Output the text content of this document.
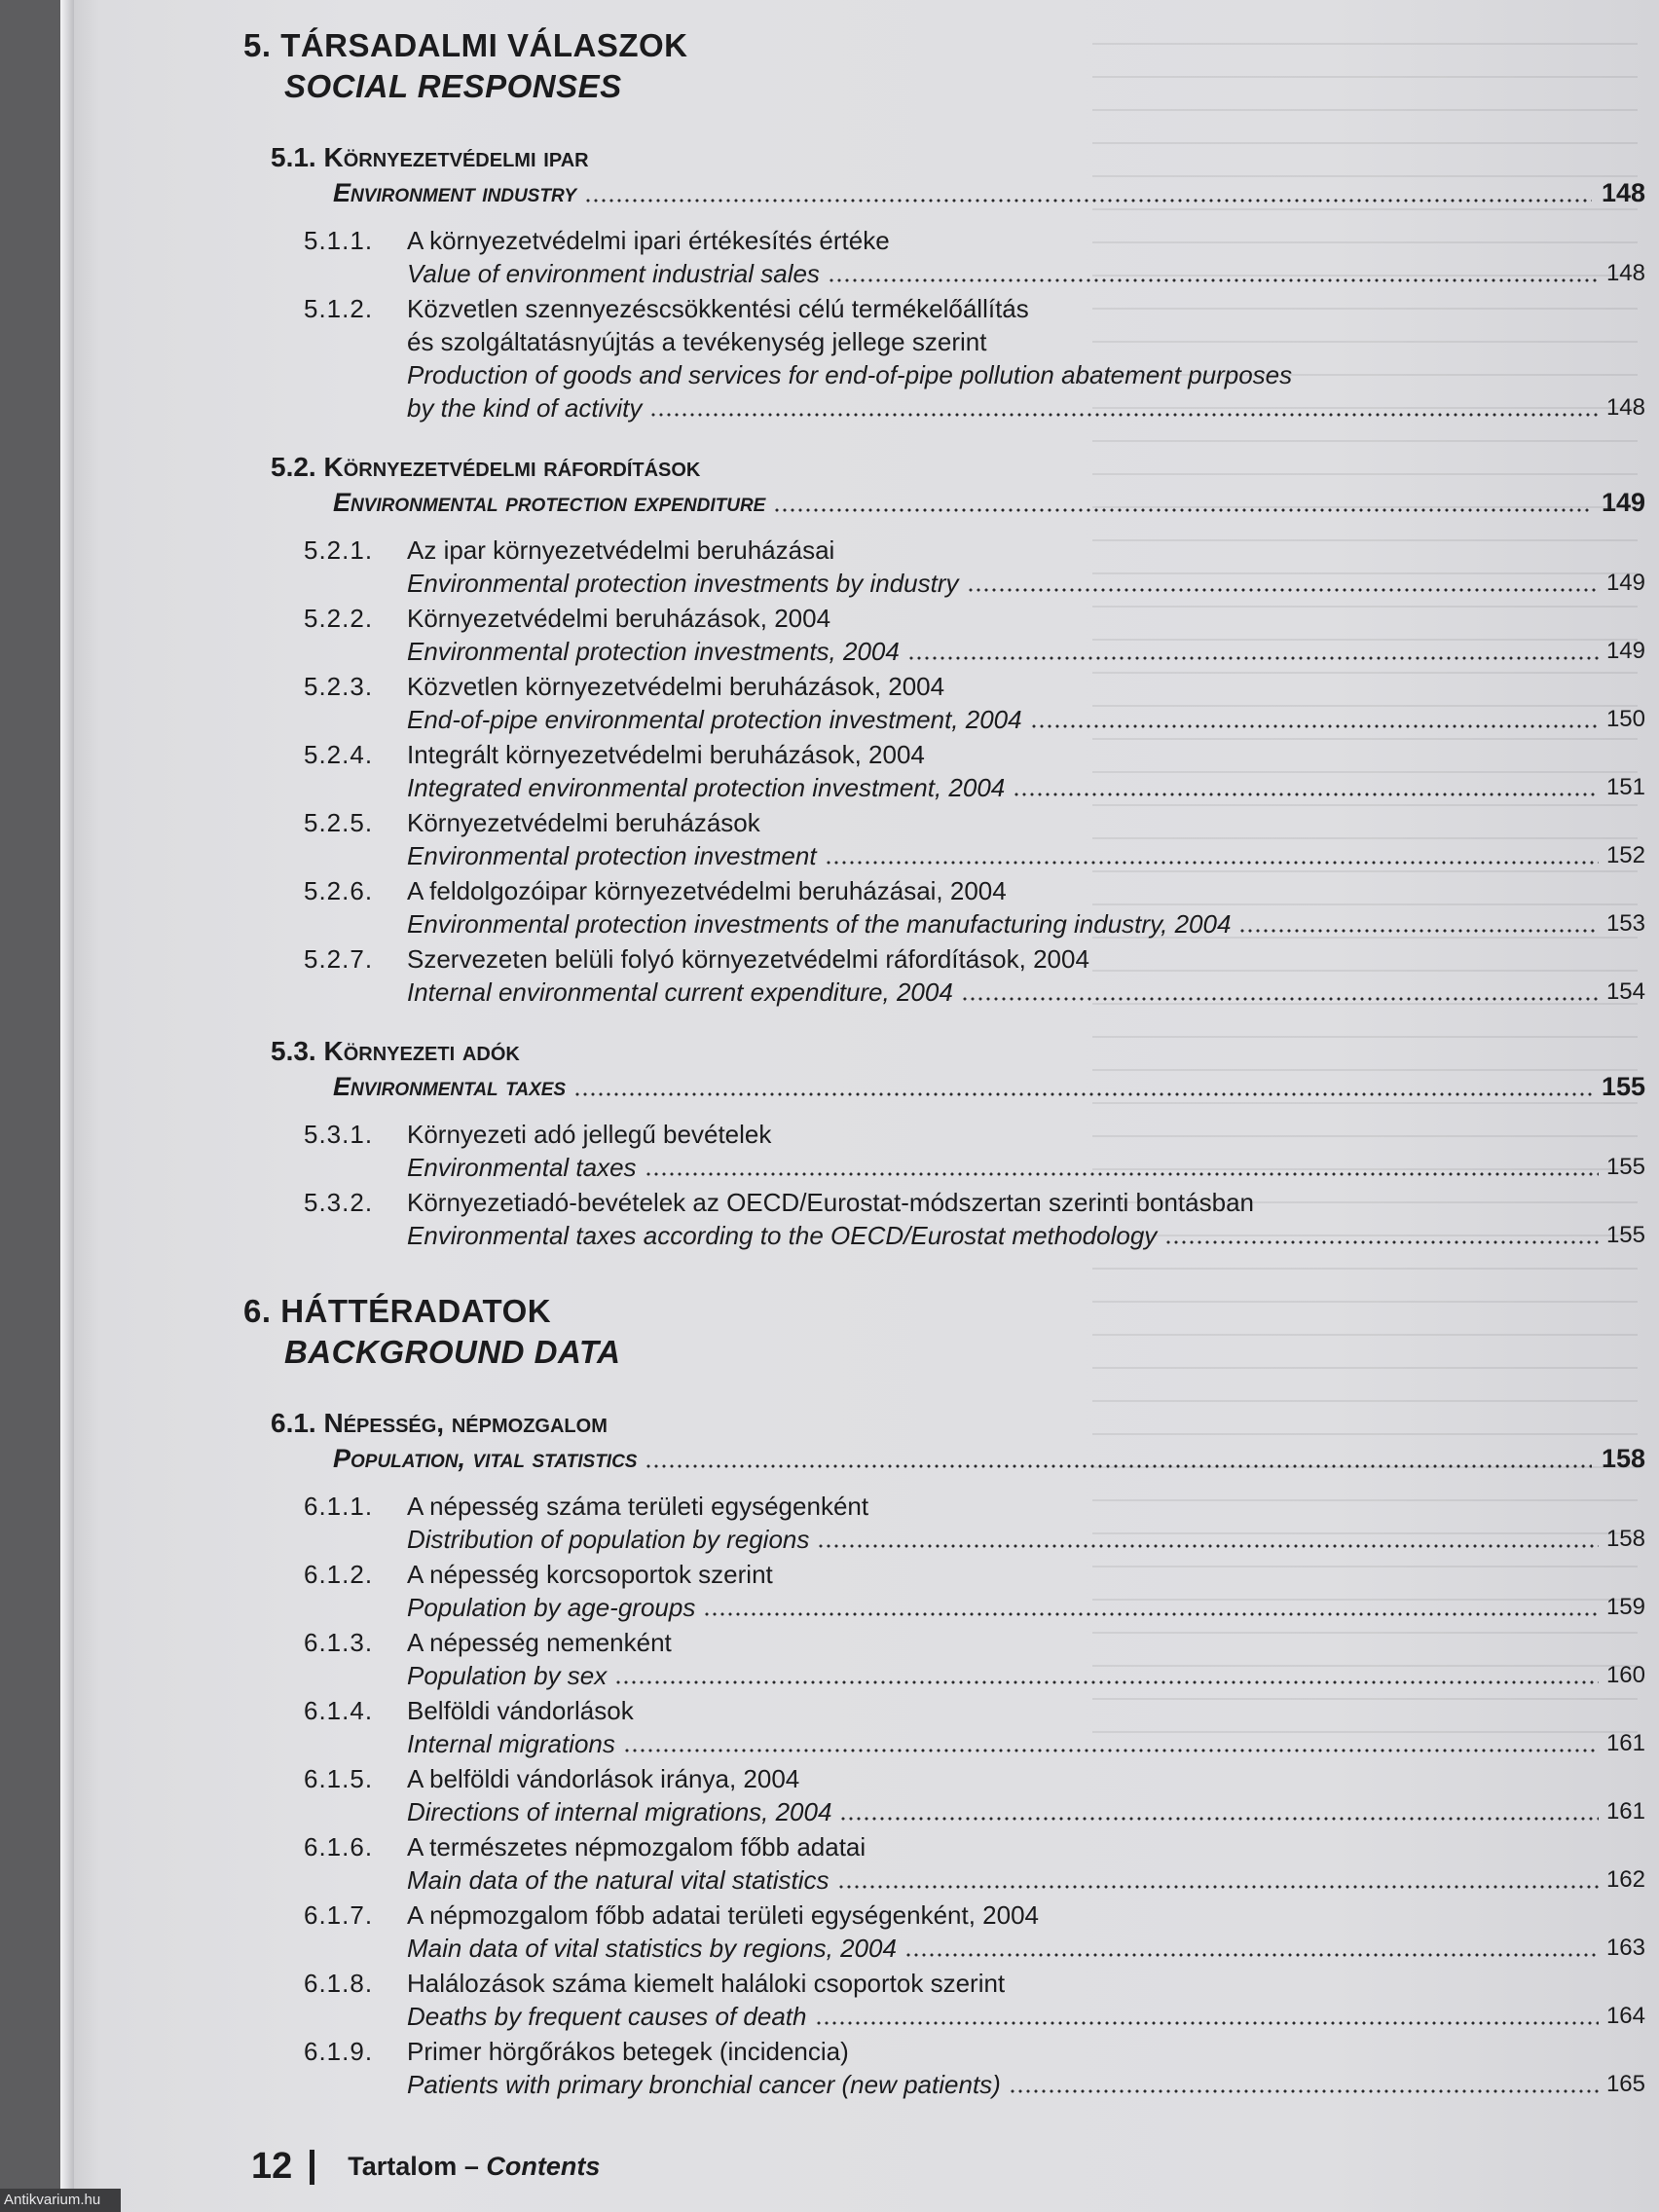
5. TÁRSADALMI VÁLASZOK
SOCIAL RESPONSES
5.1. Környezetvédelmi ipar
Environment industry	148
5.1.1.	A környezetvédelmi ipari értékesítés értéke
Value of environment industrial sales	148
5.1.2.	Közvetlen szennyezéscsökkentési célú termékelőállítás
és szolgáltatásnyújtás a tevékenység jellege szerint
Production of goods and services for end-of-pipe pollution abatement purposes
by the kind of activity	148
5.2. Környezetvédelmi ráfordítások
Environmental protection expenditure	149
5.2.1.	Az ipar környezetvédelmi beruházásai
Environmental protection investments by industry	149
5.2.2.	Környezetvédelmi beruházások, 2004
Environmental protection investments, 2004	149
5.2.3.	Közvetlen környezetvédelmi beruházások, 2004
End-of-pipe environmental protection investment, 2004	150
5.2.4.	Integrált környezetvédelmi beruházások, 2004
Integrated environmental protection investment, 2004	151
5.2.5.	Környezetvédelmi beruházások
Environmental protection investment	152
5.2.6.	A feldolgozóipar környezetvédelmi beruházásai, 2004
Environmental protection investments of the manufacturing industry, 2004	153
5.2.7.	Szervezeten belüli folyó környezetvédelmi ráfordítások, 2004
Internal environmental current expenditure, 2004	154
5.3. Környezeti adók
Environmental taxes	155
5.3.1.	Környezeti adó jellegű bevételek
Environmental taxes	155
5.3.2.	Környezetiadó-bevételek az OECD/Eurostat-módszertan szerinti bontásban
Environmental taxes according to the OECD/Eurostat methodology	155
6. HÁTTÉRADATOK
BACKGROUND DATA
6.1. Népesség, népmozgalom
Population, vital statistics	158
6.1.1.	A népesség száma területi egységenként
Distribution of population by regions	158
6.1.2.	A népesség korcsoportok szerint
Population by age-groups	159
6.1.3.	A népesség nemenként
Population by sex	160
6.1.4.	Belföldi vándorlások
Internal migrations	161
6.1.5.	A belföldi vándorlások iránya, 2004
Directions of internal migrations, 2004	161
6.1.6.	A természetes népmozgalom főbb adatai
Main data of the natural vital statistics	162
6.1.7.	A népmozgalom főbb adatai területi egységenként, 2004
Main data of vital statistics by regions, 2004	163
6.1.8.	Halálozások száma kiemelt haláloki csoportok szerint
Deaths by frequent causes of death	164
6.1.9.	Primer hörgőrákos betegek (incidencia)
Patients with primary bronchial cancer (new patients)	165
12 Tartalom – Contents
Antikvarium.hu
